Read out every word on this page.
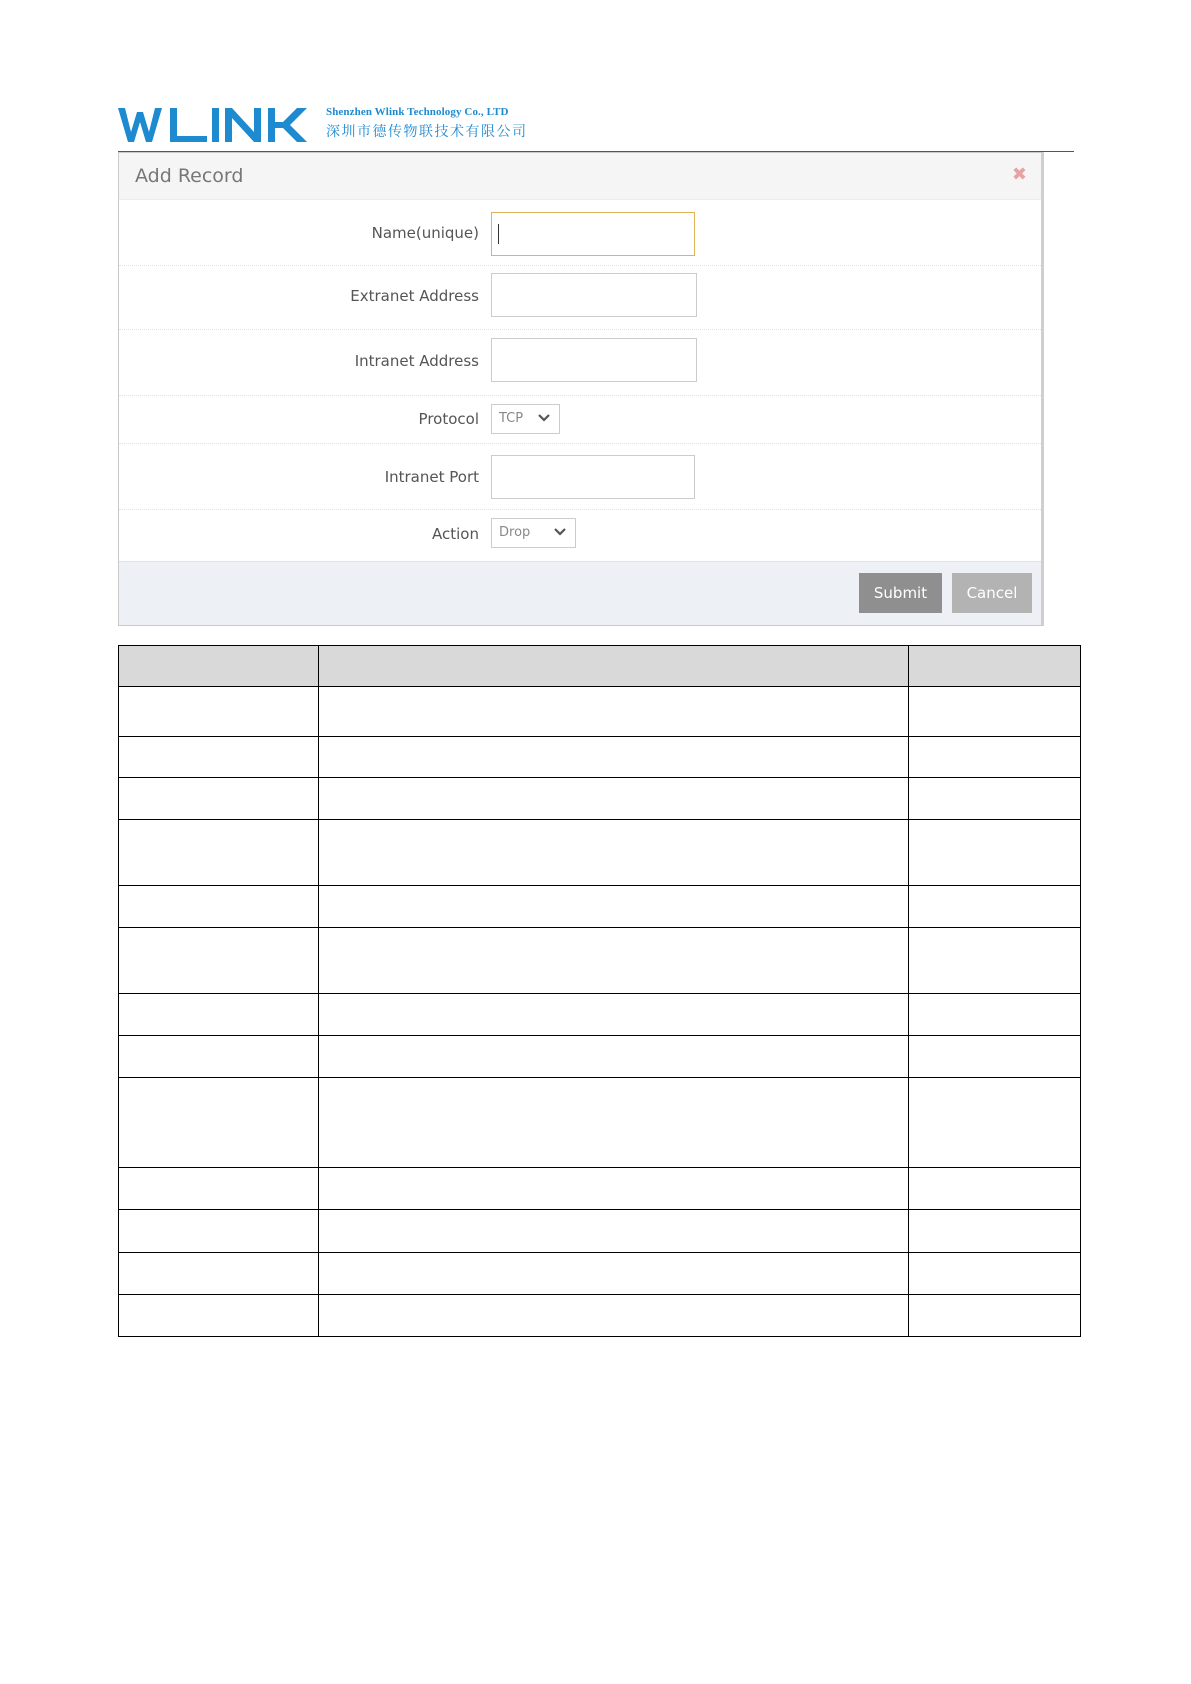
Shenzhen Wlink Technology Co., LTD
深圳市德传物联技术有限公司
Add Record	✖
Name(unique)
Extranet Address
Intranet Address
Protocol	TCP
Intranet Port
Action	Drop
Submit	Cancel
